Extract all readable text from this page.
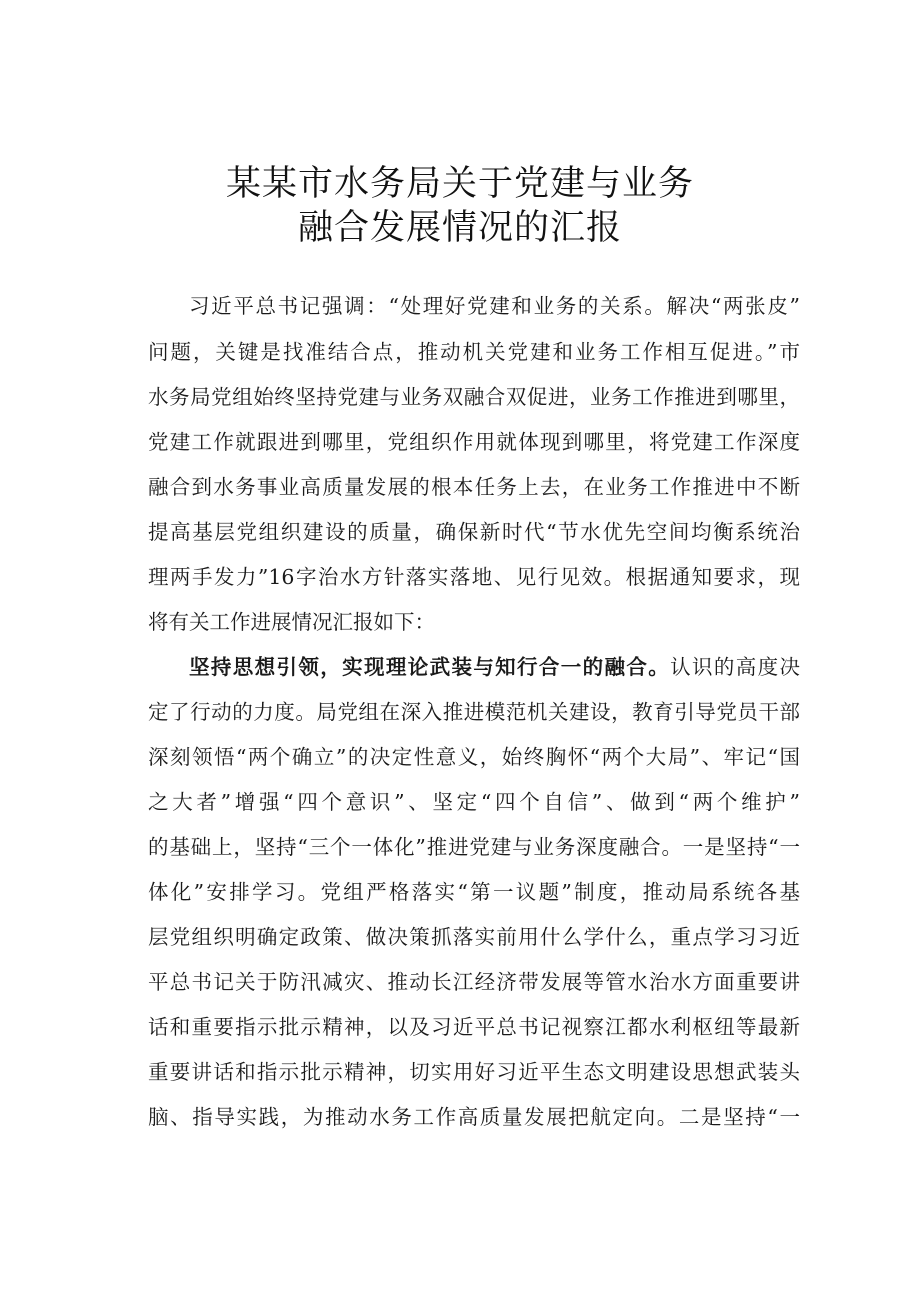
某某市水务局关于党建与业务
融合发展情况的汇报
习近平总书记强调：“处理好党建和业务的关系。解决“两张皮”
问题，关键是找准结合点，推动机关党建和业务工作相互促进。”市
水务局党组始终坚持党建与业务双融合双促进，业务工作推进到哪里，
党建工作就跟进到哪里，党组织作用就体现到哪里，将党建工作深度
融合到水务事业高质量发展的根本任务上去，在业务工作推进中不断
提高基层党组织建设的质量，确保新时代“节水优先空间均衡系统治
理两手发力”16字治水方针落实落地、见行见效。根据通知要求，现
将有关工作进展情况汇报如下：
坚持思想引领，实现理论武装与知行合一的融合。认识的高度决
定了行动的力度。局党组在深入推进模范机关建设，教育引导党员干部
深刻领悟“两个确立”的决定性意义，始终胸怀“两个大局”、牢记“国
之大者”增强“四个意识”、坚定“四个自信”、做到“两个维护”
的基础上，坚持“三个一体化”推进党建与业务深度融合。一是坚持“一
体化”安排学习。党组严格落实“第一议题”制度，推动局系统各基
层党组织明确定政策、做决策抓落实前用什么学什么，重点学习习近
平总书记关于防汛减灾、推动长江经济带发展等管水治水方面重要讲
话和重要指示批示精神，以及习近平总书记视察江都水利枢纽等最新
重要讲话和指示批示精神，切实用好习近平生态文明建设思想武装头
脑、指导实践，为推动水务工作高质量发展把航定向。二是坚持“一
